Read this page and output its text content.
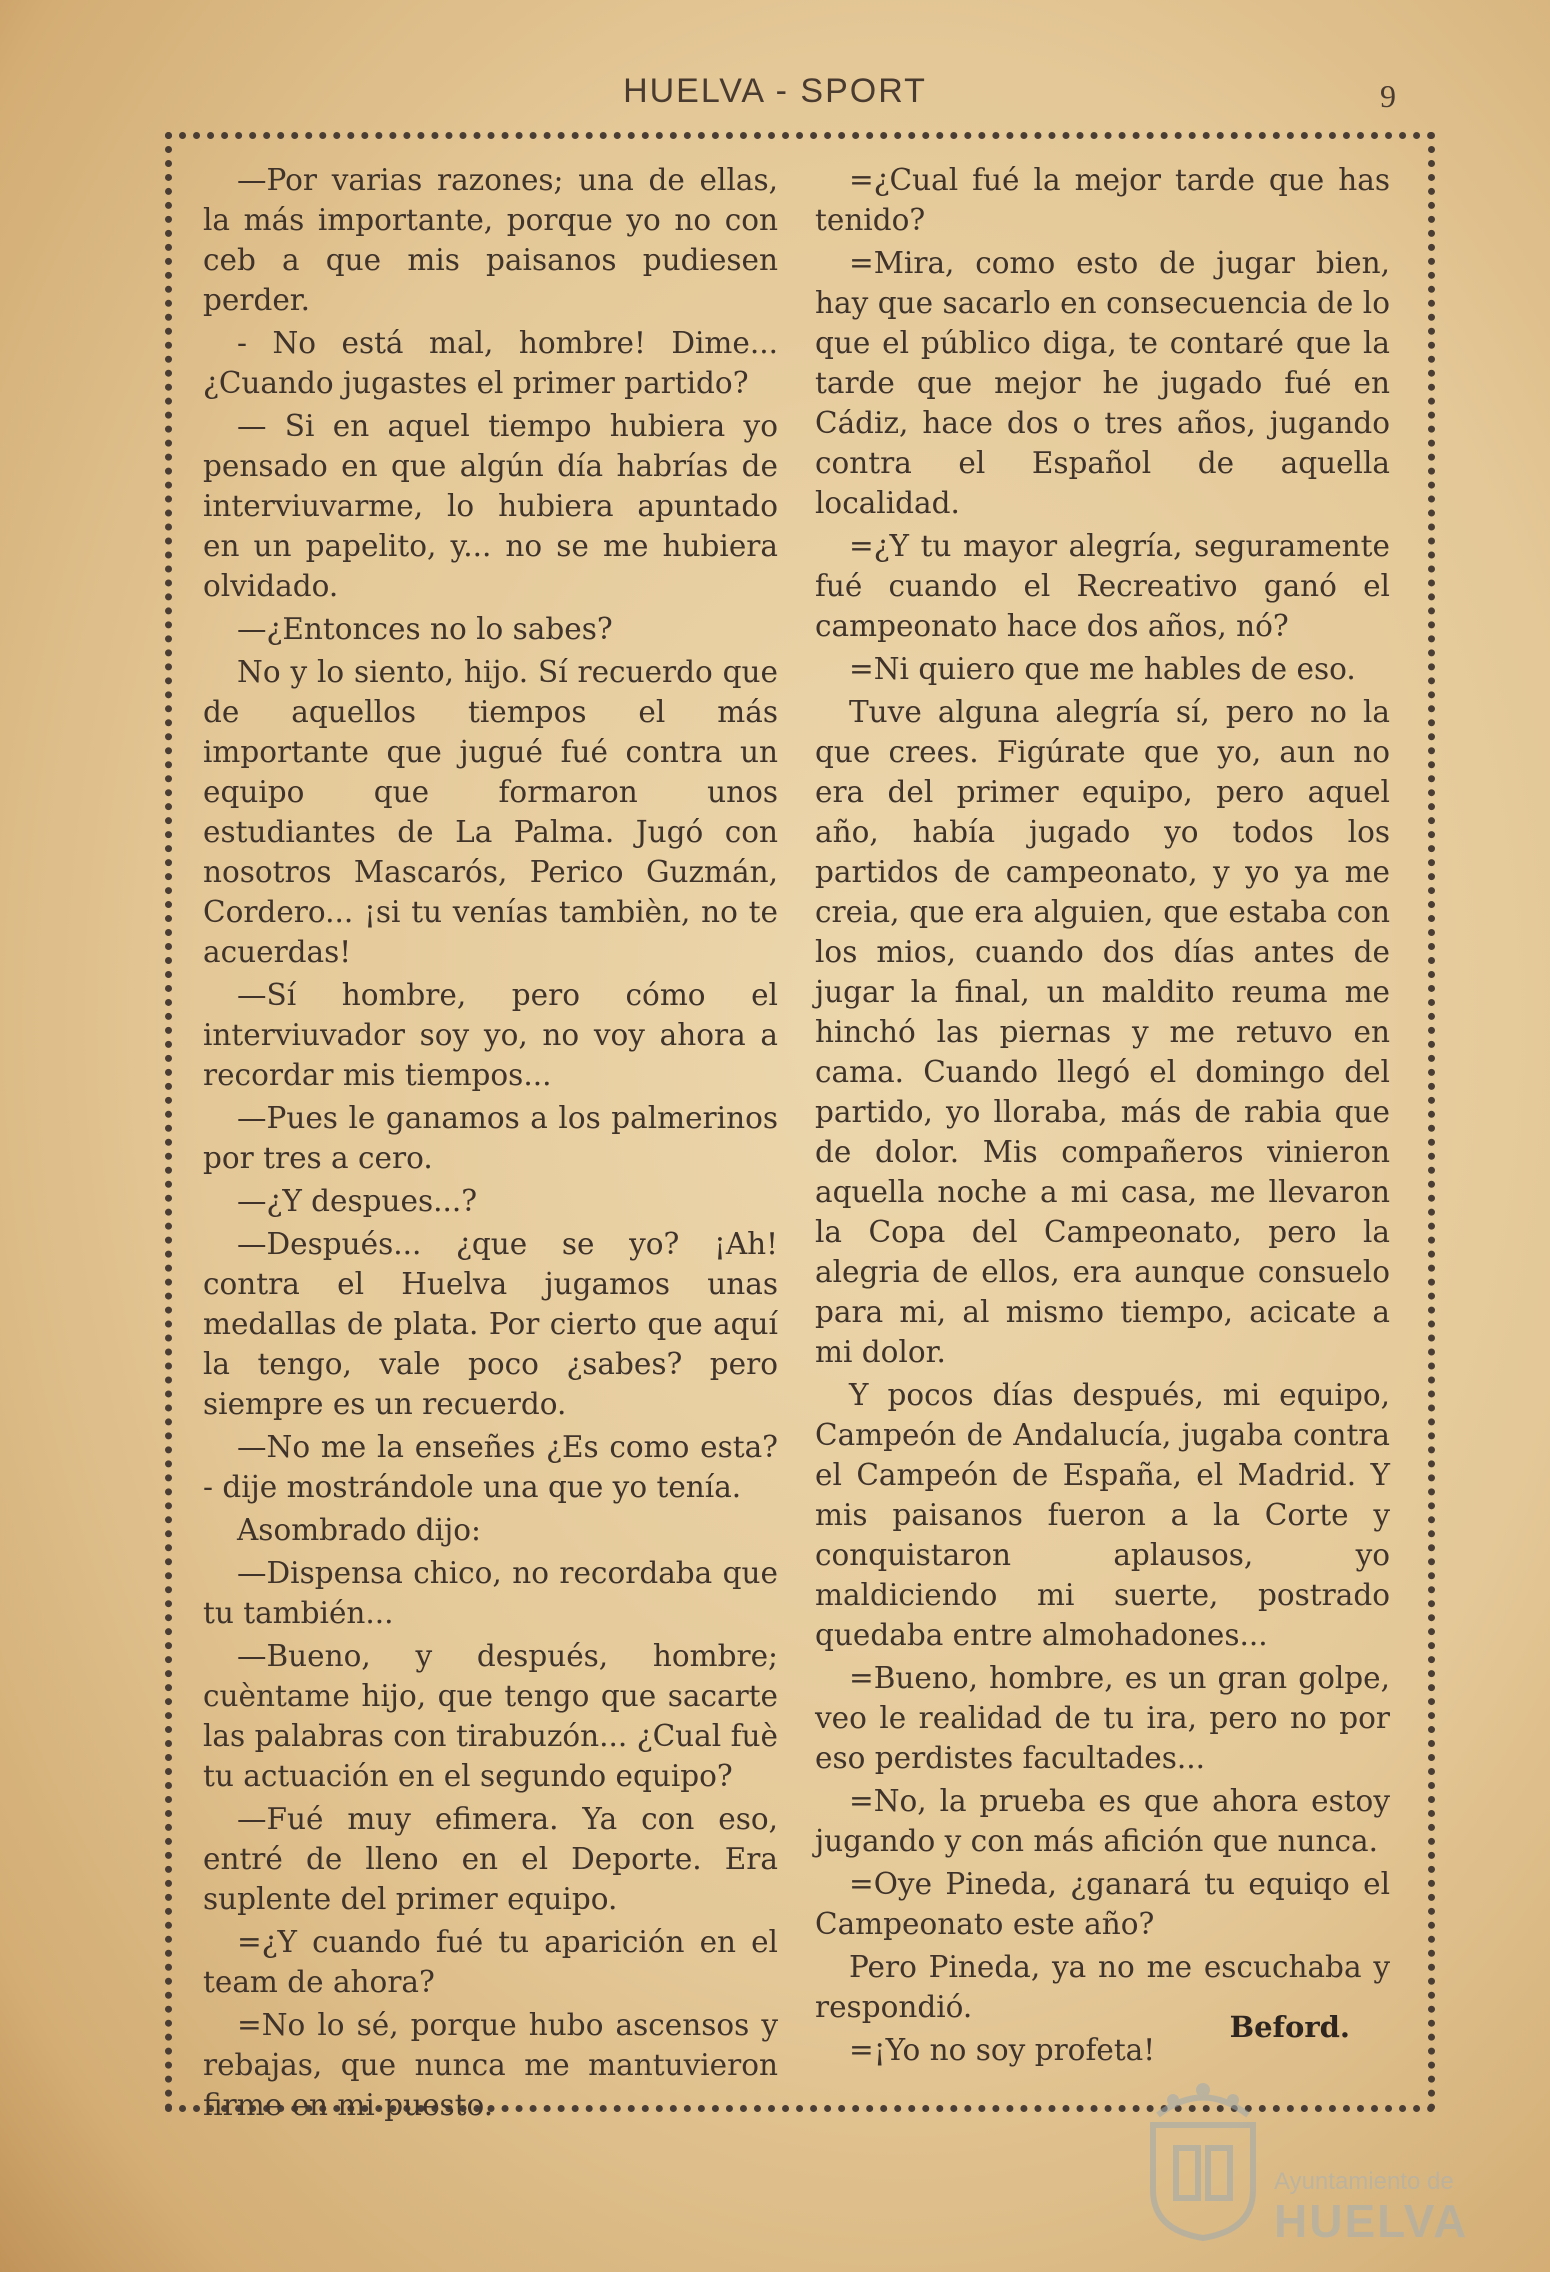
HUELVA - SPORT	9

—Por varias razones; una de ellas, la más importante, porque yo no con ceb a que mis paisanos pudiesen perder.

- No está mal, hombre! Dime... ¿Cuando jugastes el primer partido?

— Si en aquel tiempo hubiera yo pensado en que algún día habrías de interviuvarme, lo hubiera apuntado en un papelito, y... no se me hubiera olvidado.

—¿Entonces no lo sabes?

No y lo siento, hijo. Sí recuerdo que de aquellos tiempos el más importante que jugué fué contra un equipo que formaron unos estudiantes de La Palma. Jugó con nosotros Mascarós, Perico Guzmán, Cordero... ¡si tu venías tambièn, no te acuerdas!

—Sí hombre, pero cómo el interviuvador soy yo, no voy ahora a recordar mis tiempos...

—Pues le ganamos a los palmerinos por tres a cero.

—¿Y despues...?

—Después... ¿que se yo? ¡Ah! contra el Huelva jugamos unas medallas de plata. Por cierto que aquí la tengo, vale poco ¿sabes? pero siempre es un recuerdo.

—No me la enseñes ¿Es como esta? - dije mostrándole una que yo tenía.

Asombrado dijo:

—Dispensa chico, no recordaba que tu también...

—Bueno, y después, hombre; cuèntame hijo, que tengo que sacarte las palabras con tirabuzón... ¿Cual fuè tu actuación en el segundo equipo?

—Fué muy efimera. Ya con eso, entré de lleno en el Deporte. Era suplente del primer equipo.

=¿Y cuando fué tu aparición en el team de ahora?

=No lo sé, porque hubo ascensos y rebajas, que nunca me mantuvieron firme en mi puesto.

=¿Cual fué la mejor tarde que has tenido?

=Mira, como esto de jugar bien, hay que sacarlo en consecuencia de lo que el público diga, te contaré que la tarde que mejor he jugado fué en Cádiz, hace dos o tres años, jugando contra el Español de aquella localidad.

=¿Y tu mayor alegría, seguramente fué cuando el Recreativo ganó el campeonato hace dos años, nó?

=Ni quiero que me hables de eso.

Tuve alguna alegría sí, pero no la que crees. Figúrate que yo, aun no era del primer equipo, pero aquel año, había jugado yo todos los partidos de campeonato, y yo ya me creia, que era alguien, que estaba con los mios, cuando dos días antes de jugar la final, un maldito reuma me hinchó las piernas y me retuvo en cama. Cuando llegó el domingo del partido, yo lloraba, más de rabia que de dolor. Mis compañeros vinieron aquella noche a mi casa, me llevaron la Copa del Campeonato, pero la alegria de ellos, era aunque consuelo para mi, al mismo tiempo, acicate a mi dolor.

Y pocos días después, mi equipo, Campeón de Andalucía, jugaba contra el Campeón de España, el Madrid. Y mis paisanos fueron a la Corte y conquistaron aplausos, yo maldiciendo mi suerte, postrado quedaba entre almohadones...

=Bueno, hombre, es un gran golpe, veo le realidad de tu ira, pero no por eso perdistes facultades...

=No, la prueba es que ahora estoy jugando y con más afición que nunca.

=Oye Pineda, ¿ganará tu equiqo el Campeonato este año?

Pero Pineda, ya no me escuchaba y respondió.

=¡Yo no soy profeta!

Beford.
Ayuntamiento de
HUELVA
